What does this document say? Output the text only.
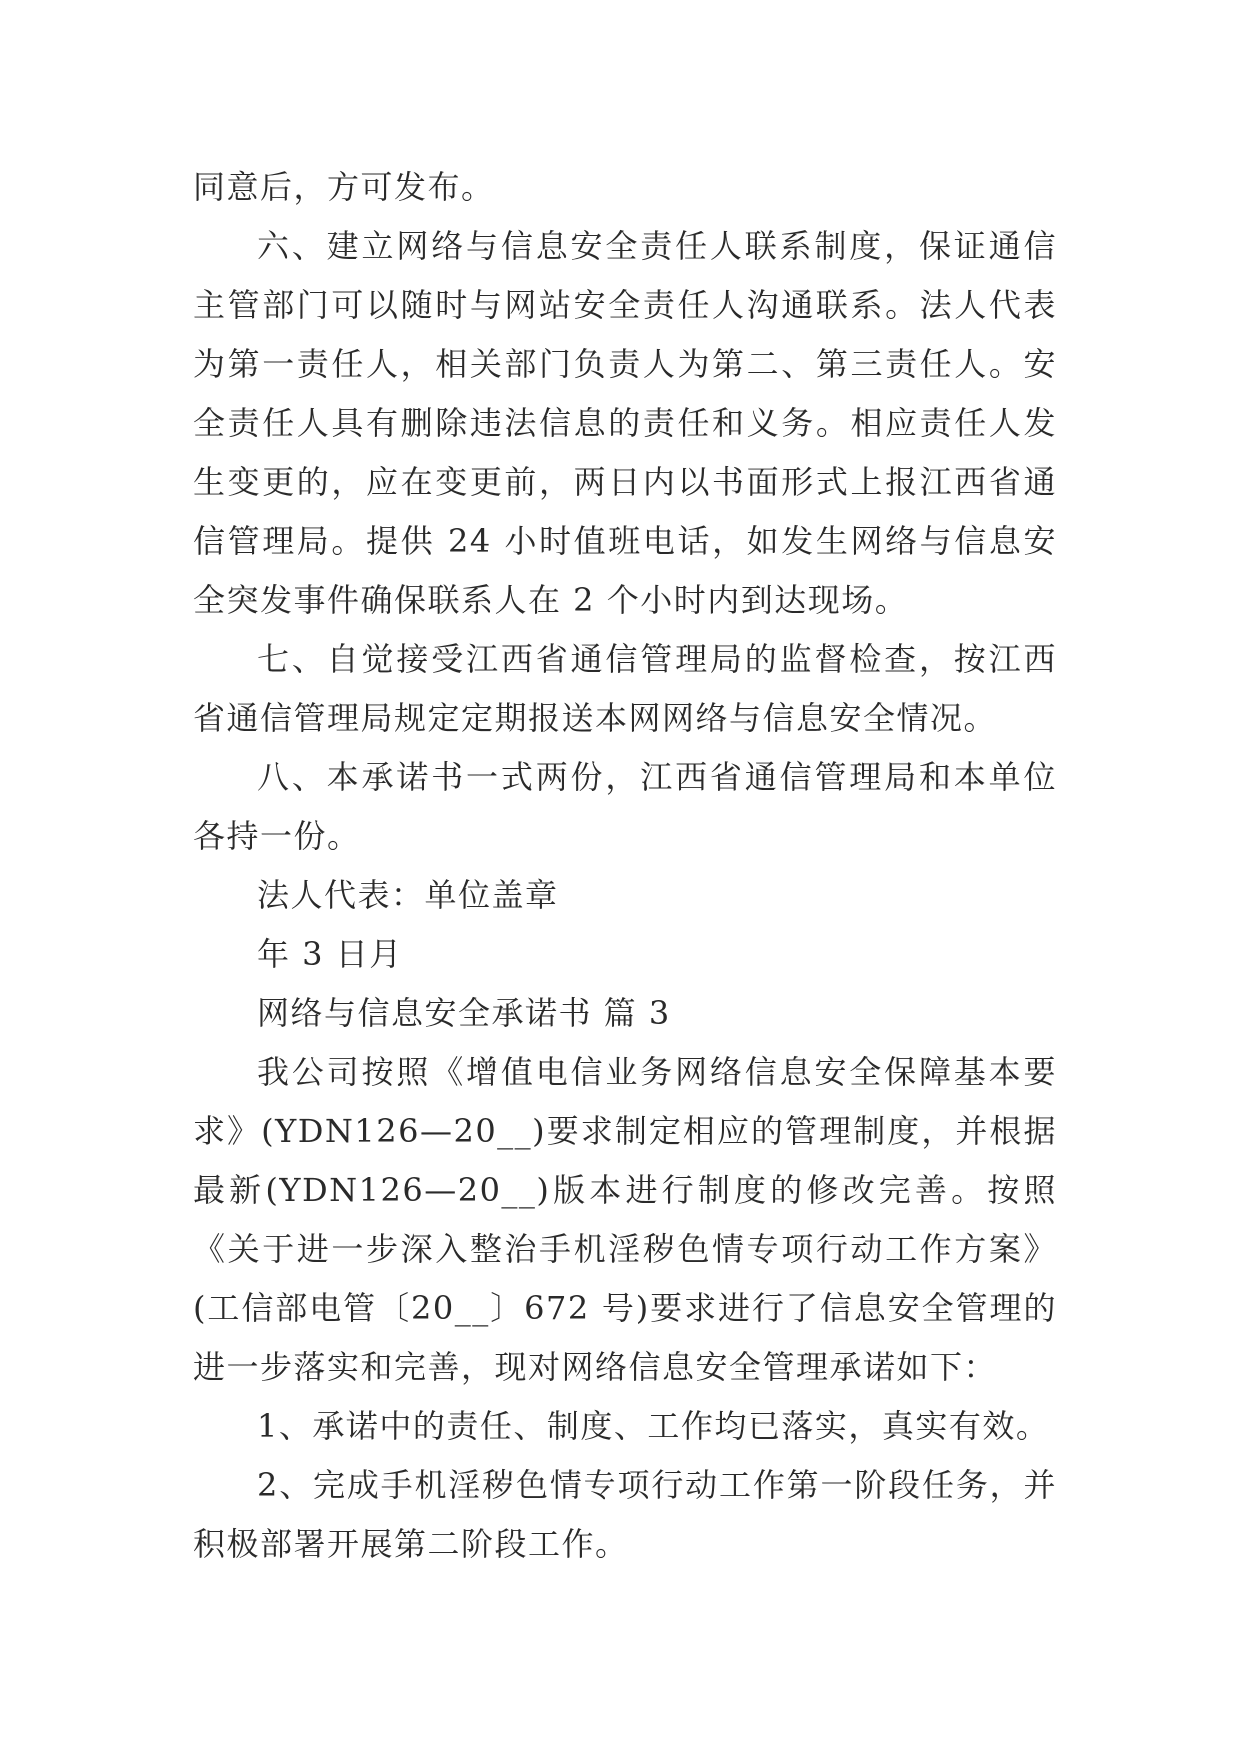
同意后，方可发布。

六、建立网络与信息安全责任人联系制度，保证通信主管部门可以随时与网站安全责任人沟通联系。法人代表为第一责任人，相关部门负责人为第二、第三责任人。安全责任人具有删除违法信息的责任和义务。相应责任人发生变更的，应在变更前，两日内以书面形式上报江西省通信管理局。提供 24 小时值班电话，如发生网络与信息安全突发事件确保联系人在 2 个小时内到达现场。

七、自觉接受江西省通信管理局的监督检查，按江西省通信管理局规定定期报送本网网络与信息安全情况。

八、本承诺书一式两份，江西省通信管理局和本单位各持一份。

法人代表：单位盖章

年 3 日月

网络与信息安全承诺书 篇 3

我公司按照《增值电信业务网络信息安全保障基本要求》(YDN126—20__)要求制定相应的管理制度，并根据最新(YDN126—20__)版本进行制度的修改完善。按照《关于进一步深入整治手机淫秽色情专项行动工作方案》(工信部电管〔20__〕672 号)要求进行了信息安全管理的进一步落实和完善，现对网络信息安全管理承诺如下：

1、承诺中的责任、制度、工作均已落实，真实有效。

2、完成手机淫秽色情专项行动工作第一阶段任务，并积极部署开展第二阶段工作。
